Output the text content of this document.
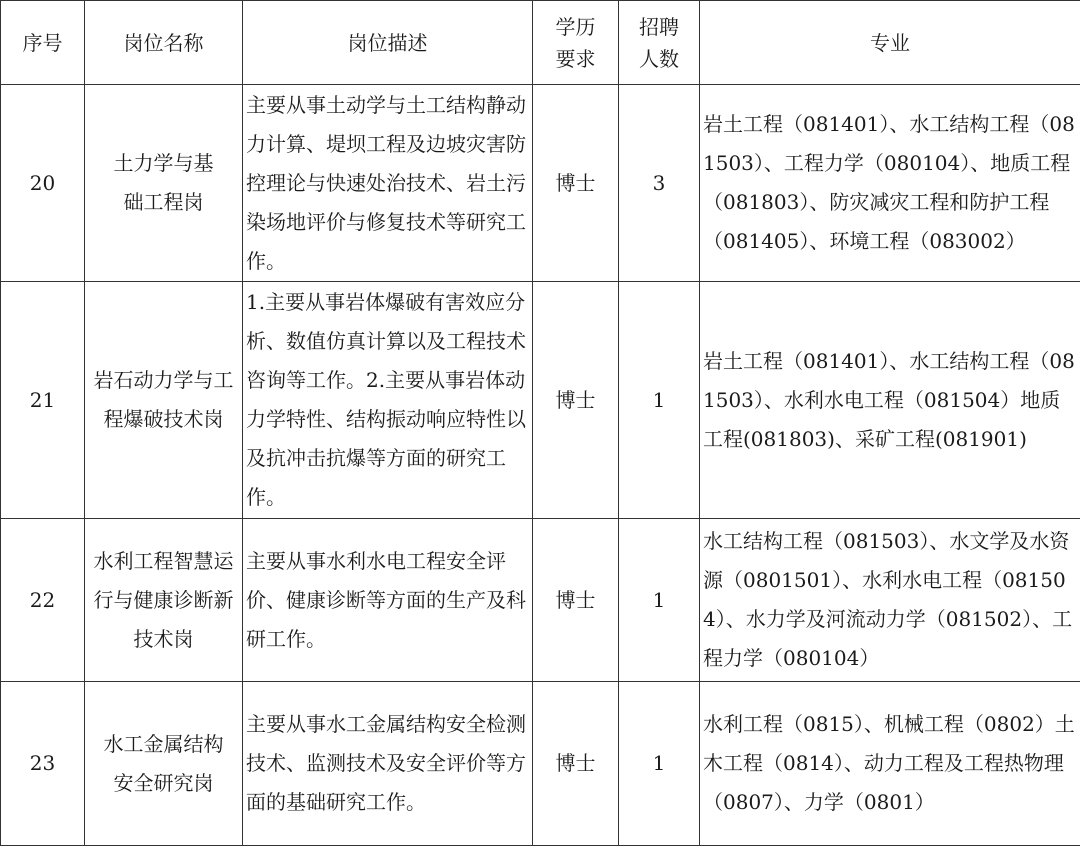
序号	岗位名称	岗位描述	学历要求	招聘人数	专业
20	土力学与基础工程岗	主要从事土动学与土工结构静动力计算、堤坝工程及边坡灾害防控理论与快速处治技术、岩土污染场地评价与修复技术等研究工作。	博士	3	岩土工程（081401）、水工结构工程（081503）、工程力学（080104）、地质工程（081803）、防灾减灾工程和防护工程（081405）、环境工程（083002）
21	岩石动力学与工程爆破技术岗	1.主要从事岩体爆破有害效应分析、数值仿真计算以及工程技术咨询等工作。2.主要从事岩体动力学特性、结构振动响应特性以及抗冲击抗爆等方面的研究工作。	博士	1	岩土工程（081401）、水工结构工程（081503）、水利水电工程（081504）地质工程(081803)、采矿工程(081901)
22	水利工程智慧运行与健康诊断新技术岗	主要从事水利水电工程安全评价、健康诊断等方面的生产及科研工作。	博士	1	水工结构工程（081503）、水文学及水资源（0801501）、水利水电工程（081504）、水力学及河流动力学（081502）、工程力学（080104）
23	水工金属结构安全研究岗	主要从事水工金属结构安全检测技术、监测技术及安全评价等方面的基础研究工作。	博士	1	水利工程（0815）、机械工程（0802）土木工程（0814）、动力工程及工程热物理（0807）、力学（0801）
